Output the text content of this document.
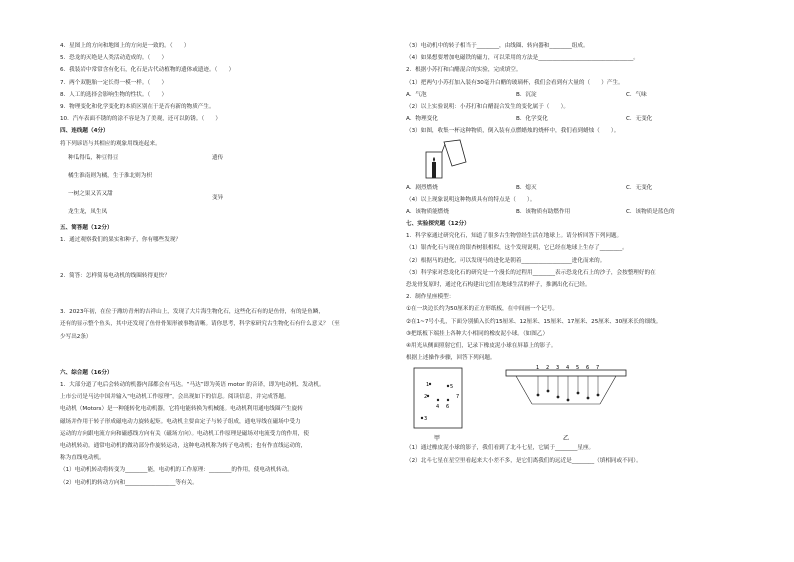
4．星图上的方向和地图上的方向是一致的。（　　）
5．恐龙的灭绝是人类活动造成的。（　　）
6．我装岩中常常含有化石，化石是古代动植物的遗体或遗迹。（　　）
7．两个双胞胎一定长得一模一样。（　　）
8．人工的选择会影响生物的性状。（　　）
9．物理变化和化学变化的本质区别在于是否有新的物质产生。
10．汽车表面不锈的的涂不容是为了美观，还可以防锈。（　　）
四、连线题（4分）
将下列谚语与其相应的观象用线连起来。
种瓜得瓜，种豆得豆
橘生淮南则为橘，生于淮北则为枳
一树之果又苦又甜
龙生龙，凤生凤
遗传
变异
五、简答题（12分）
1．通过观察我们的果实和种子，你有哪些发现？
2．简答：怎样简易电动机的线圈转得更快？
3．2023年初，在位于潍坊青州的吉祥山上，发现了大片海生物化石，这些化石有的是鱼骨，有的是鱼鳞，
还有的显示整个鱼头，其中还发现了鱼骨骨架形被事物清晰。请你思考，科学家研究古生物化石有什么意义？（至
少写出2条）
六、综合题（16分）
1．大部分道了电后会转动的机器内部都会有马达。“马达”即为英语 motor 的音译，即为电动机、发动机。
上市公司是马达中国并输入“电动机工作原理”，会出现如下的信息。阅读信息，并完成答题。
电动机（Motors）是一种能转化电动机器，它将电能转换为机械能。电动机利用通电线圈产生旋转
磁场并作用于转子形成磁电动力旋转起矩。电动机主要由定子与转子组成，通电导线在磁场中受力
运动的方向跟电流方向和磁感线方向有关（磁场方向）。电动机工作原理是磁场对电流受力的作用，使
电动机转动。通常电动机的做功部分作旋转运动，这种电动机称为转子电动机；也有作直线运动的，
称为直线电动机。
（1）电动机转动将转变为________能，电动机的工作原理：________的作用，使电动机转动。
（2）电动机的转动方向和__________________等有关。
（3）电动机中的转子相当于________，由线圈、转向器和________组成。
（4）如果想要增加电磁铁的磁力，可以采用的方法是__________________________________。
2．根据小苏打和白醋混合的实验，完成填空。
（1）把两勺小苏打加入装有30毫升白醋的玻璃杯，我们会看到有大量的（　　）产生。
A．气泡	B．沉淀	C．气味
（2）以上实验说明：小苏打和白醋混合发生的变化属于（　　）。
A．物理变化	B．化学变化	C．无变化
（3）如图，收集一杯这种物质，倒入装有点燃蜡烛的烧杯中，我们看到蜡烛（　　）。
A．剧烈燃烧	B．熄灭	C．无变化
（4）以上现象说明这种物质具有的特点是（　　）。
A．该物质能燃烧	B．该物质有助燃作用	C．该物质是蓝色的
七、实验探究题（12分）
1．科学家通过研究化石，知道了很多古生物曾经生活在地球上。请分析回答下列问题。
（1）银杏化石与现在的银杏树很相似，这个发现说明，它已经在地球上生存了________。
（2）根据马的进化，可以发现马的进化是朝着__________________进化而来的。
（3）科学家对恐龙化石的研究是一个漫长的过程用________表示恐龙化石上的沙子，会按整理好的在
恐龙骨复原时，通过化石构建出它们在地球生活的样子，推测出化石已经。
2．制作星座模型：
①在一块边长约为50厘米的正方形纸板，在中间画一个记号。
②在1~7号小孔，下面分别插入长约15厘米、12厘米、15厘米、17厘米、25厘米、30厘米长的细线。
③把纸板下端挂上各种大小相同的橡皮泥小球。（如图乙）
④用光从侧面照射它们，记录下橡皮泥小球在屏幕上的影子。
根据上述操作步骤，回答下列问题。
1	5
2
4 6
3
7
甲
1 2 3 4 5 6 7
乙
（1）通过橡皮泥小球的影子，我们看到了北斗七星，它属于________星座。
（2）北斗七星在星空里看起来大小差不多，是它们离我们的远近是________（填相同或不同）。
